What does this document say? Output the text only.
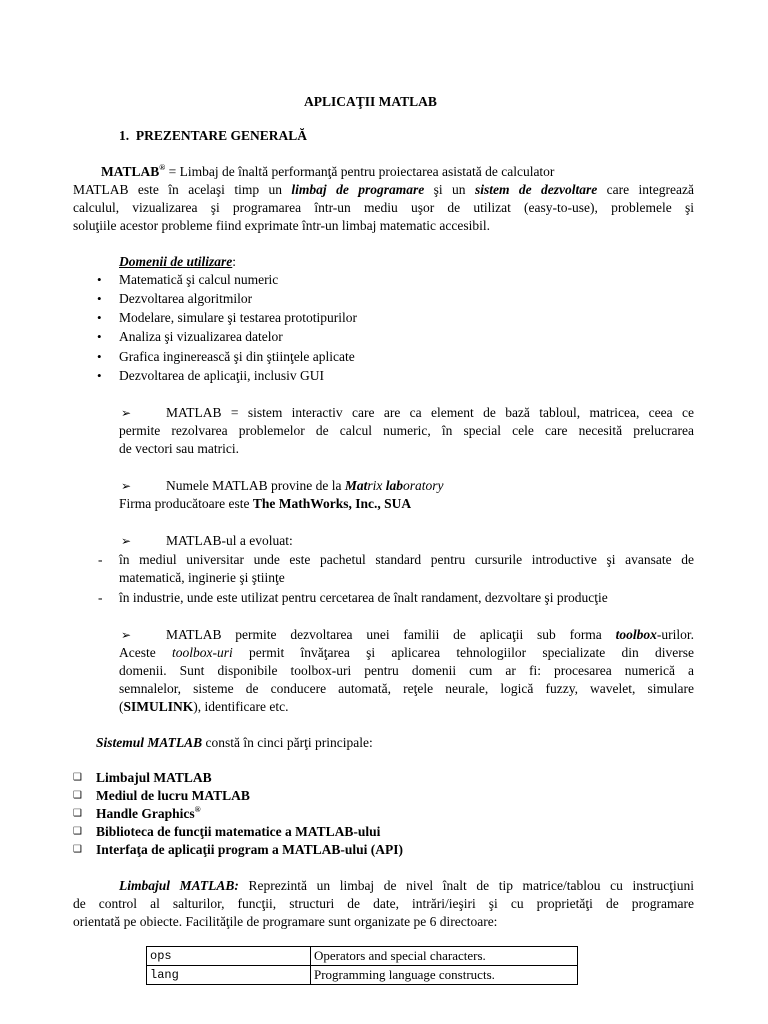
APLICAŢII MATLAB
1. PREZENTARE GENERALĂ
MATLAB® = Limbaj de înaltă performanţă pentru proiectarea asistată de calculator
MATLAB este în acelaşi timp un limbaj de programare şi un sistem de dezvoltare care integrează
calculul, vizualizarea şi programarea într-un mediu uşor de utilizat (easy-to-use), problemele şi
soluţiile acestor probleme fiind exprimate într-un limbaj matematic accesibil.
Domenii de utilizare:
• Matematică şi calcul numeric
• Dezvoltarea algoritmilor
• Modelare, simulare şi testarea prototipurilor
• Analiza şi vizualizarea datelor
• Grafica inginerească şi din ştiinţele aplicate
• Dezvoltarea de aplicaţii, inclusiv GUI
➢	MATLAB = sistem interactiv care are ca element de bază tabloul, matricea, ceea ce
permite rezolvarea problemelor de calcul numeric, în special cele care necesită prelucrarea
de vectori sau matrici.
➢	Numele MATLAB provine de la Matrix laboratory
Firma producătoare este The MathWorks, Inc., SUA
➢	MATLAB-ul a evoluat:
- în mediul universitar unde este pachetul standard pentru cursurile introductive şi avansate de
matematică, inginerie şi ştiinţe
- în industrie, unde este utilizat pentru cercetarea de înalt randament, dezvoltare şi producţie
➢	MATLAB permite dezvoltarea unei familii de aplicaţii sub forma toolbox-urilor.
Aceste toolbox-uri permit învăţarea şi aplicarea tehnologiilor specializate din diverse
domenii. Sunt disponibile toolbox-uri pentru domenii cum ar fi: procesarea numerică a
semnalelor, sisteme de conducere automată, reţele neurale, logică fuzzy, wavelet, simulare
(SIMULINK), identificare etc.
Sistemul MATLAB constă în cinci părţi principale:
❑ Limbajul MATLAB
❑ Mediul de lucru MATLAB
❑ Handle Graphics®
❑ Biblioteca de funcţii matematice a MATLAB-ului
❑ Interfaţa de aplicaţii program a MATLAB-ului (API)
Limbajul MATLAB: Reprezintă un limbaj de nivel înalt de tip matrice/tablou cu instrucţiuni
de control al salturilor, funcţii, structuri de date, intrări/ieşiri şi cu proprietăţi de programare
orientată pe obiecte. Facilităţile de programare sunt organizate pe 6 directoare:
ops	Operators and special characters.
lang	Programming language constructs.
